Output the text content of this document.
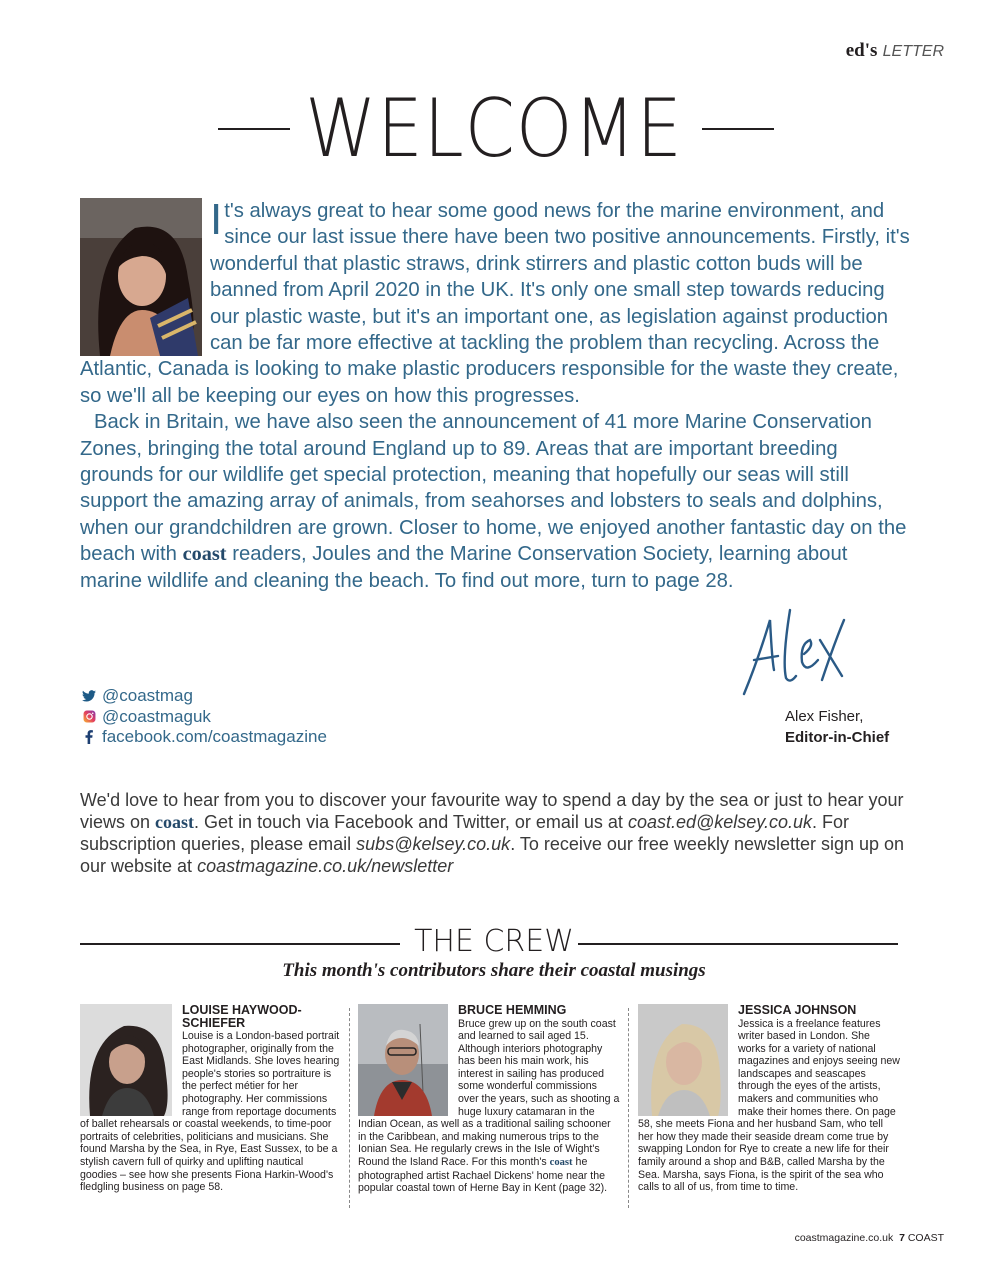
ed's LETTER
WELCOME

It's always great to hear some good news for the marine environment, and since our last issue there have been two positive announcements. Firstly, it's wonderful that plastic straws, drink stirrers and plastic cotton buds will be banned from April 2020 in the UK. It's only one small step towards reducing our plastic waste, but it's an important one, as legislation against production can be far more effective at tackling the problem than recycling. Across the Atlantic, Canada is looking to make plastic producers responsible for the waste they create, so we'll all be keeping our eyes on how this progresses.

Back in Britain, we have also seen the announcement of 41 more Marine Conservation Zones, bringing the total around England up to 89. Areas that are important breeding grounds for our wildlife get special protection, meaning that hopefully our seas will still support the amazing array of animals, from seahorses and lobsters to seals and dolphins, when our grandchildren are grown. Closer to home, we enjoyed another fantastic day on the beach with coast readers, Joules and the Marine Conservation Society, learning about marine wildlife and cleaning the beach. To find out more, turn to page 28.

Alex Fisher,
Editor-in-Chief
@coastmag
@coastmaguk
facebook.com/coastmagazine
We'd love to hear from you to discover your favourite way to spend a day by the sea or just to hear your views on coast. Get in touch via Facebook and Twitter, or email us at coast.ed@kelsey.co.uk. For subscription queries, please email subs@kelsey.co.uk. To receive our free weekly newsletter sign up on our website at coastmagazine.co.uk/newsletter
THE CREW
This month's contributors share their coastal musings
LOUISE HAYWOOD-SCHIEFER
Louise is a London-based portrait photographer, originally from the East Midlands. She loves hearing people's stories so portraiture is the perfect métier for her photography. Her commissions range from reportage documents of ballet rehearsals or coastal weekends, to time-poor portraits of celebrities, politicians and musicians. She found Marsha by the Sea, in Rye, East Sussex, to be a stylish cavern full of quirky and uplifting nautical goodies – see how she presents Fiona Harkin-Wood's fledgling business on page 58.
BRUCE HEMMING
Bruce grew up on the south coast and learned to sail aged 15. Although interiors photography has been his main work, his interest in sailing has produced some wonderful commissions over the years, such as shooting a huge luxury catamaran in the Indian Ocean, as well as a traditional sailing schooner in the Caribbean, and making numerous trips to the Ionian Sea. He regularly crews in the Isle of Wight's Round the Island Race. For this month's coast he photographed artist Rachael Dickens' home near the popular coastal town of Herne Bay in Kent (page 32).
JESSICA JOHNSON
Jessica is a freelance features writer based in London. She works for a variety of national magazines and enjoys seeing new landscapes and seascapes through the eyes of the artists, makers and communities who make their homes there. On page 58, she meets Fiona and her husband Sam, who tell her how they made their seaside dream come true by swapping London for Rye to create a new life for their family around a shop and B&B, called Marsha by the Sea. Marsha, says Fiona, is the spirit of the sea who calls to all of us, from time to time.
coastmagazine.co.uk 7 COAST
